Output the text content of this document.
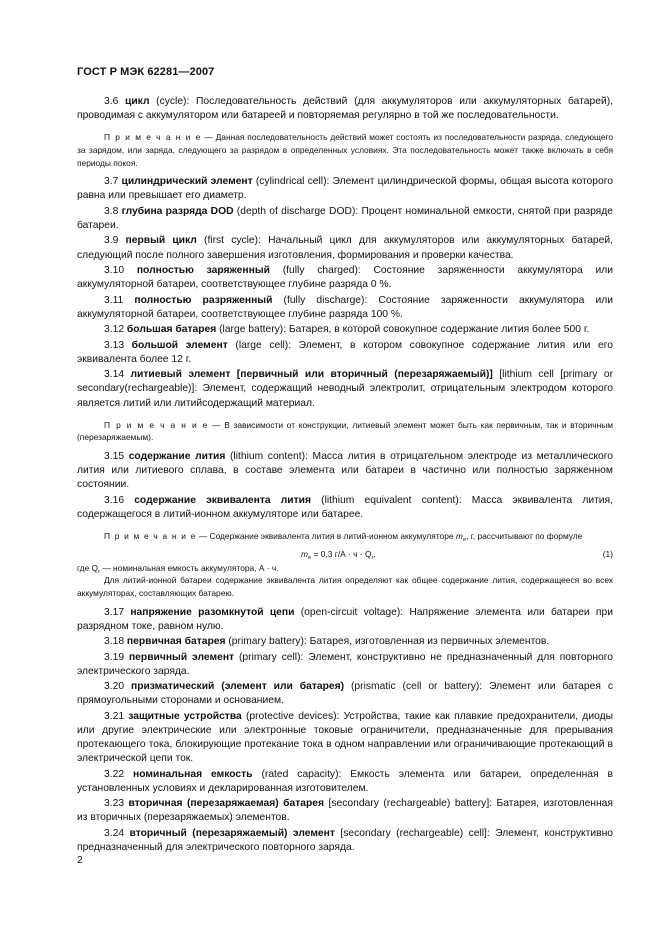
ГОСТ Р МЭК 62281—2007

3.6 цикл (cycle): Последовательность действий (для аккумуляторов или аккумуляторных батарей), проводимая с аккумулятором или батареей и повторяемая регулярно в той же последовательности.

П р и м е ч а н и е — Данная последовательность действий может состоять из последовательности разряда, следующего за зарядом, или заряда, следующего за разрядом в определенных условиях. Эта последовательность может также включать в себя периоды покоя.

3.7 цилиндрический элемент (cylindrical cell): Элемент цилиндрической формы, общая высота которого равна или превышает его диаметр.

3.8 глубина разряда DOD (depth of discharge DOD): Процент номинальной емкости, снятой при разряде батареи.

3.9 первый цикл (first cycle): Начальный цикл для аккумуляторов или аккумуляторных батарей, следующий после полного завершения изготовления, формирования и проверки качества.

3.10 полностью заряженный (fully charged): Состояние заряженности аккумулятора или аккумуляторной батареи, соответствующее глубине разряда 0 %.

3.11 полностью разряженный (fully discharge): Состояние заряженности аккумулятора или аккумуляторной батареи, соответствующее глубине разряда 100 %.

3.12 большая батарея (large battery): Батарея, в которой совокупное содержание лития более 500 г.

3.13 большой элемент (large cell): Элемент, в котором совокупное содержание лития или его эквивалента более 12 г.

3.14 литиевый элемент [первичный или вторичный (перезаряжаемый)] [lithium cell [primary or secondary(rechargeable)]: Элемент, содержащий неводный электролит, отрицательным электродом которого является литий или литийсодержащий материал.

П р и м е ч а н и е — В зависимости от конструкции, литиевый элемент может быть как первичным, так и вторичным (перезаряжаемым).

3.15 содержание лития (lithium content): Масса лития в отрицательном электроде из металлического лития или литиевого сплава, в составе элемента или батареи в частично или полностью заряженном состоянии.

3.16 содержание эквивалента лития (lithium equivalent content): Масса эквивалента лития, содержащегося в литий-ионном аккумуляторе или батарее.

П р и м е ч а н и е — Содержание эквивалента лития в литий-ионном аккумуляторе $m_e$, г, рассчитывают по формуле

$m_e = 0,3$ $г/А \cdot ч \cdot Q_r$,	(1)

где $Q_r$ — номинальная емкость аккумулятора, А · ч.

Для литий-ионной батареи содержание эквивалента лития определяют как общее содержание лития, содержащееся во всех аккумуляторах, составляющих батарею.

3.17 напряжение разомкнутой цепи (open-circuit voltage): Напряжение элемента или батареи при разрядном токе, равном нулю.

3.18 первичная батарея (primary battery): Батарея, изготовленная из первичных элементов.

3.19 первичный элемент (primary cell): Элемент, конструктивно не предназначенный для повторного электрического заряда.

3.20 призматический (элемент или батарея) (prismatic (cell or battery): Элемент или батарея с прямоугольными сторонами и основанием.

3.21 защитные устройства (protective devices): Устройства, такие как плавкие предохранители, диоды или другие электрические или электронные токовые ограничители, предназначенные для прерывания протекающего тока, блокирующие протекание тока в одном направлении или ограничивающие протекающий в электрической цепи ток.

3.22 номинальная емкость (rated capacity): Емкость элемента или батареи, определенная в установленных условиях и декларированная изготовителем.

3.23 вторичная (перезаряжаемая) батарея [secondary (rechargeable) battery]: Батарея, изготовленная из вторичных (перезаряжаемых) элементов.

3.24 вторичный (перезаряжаемый) элемент [secondary (rechargeable) cell]: Элемент, конструктивно предназначенный для электрического повторного заряда.

2
